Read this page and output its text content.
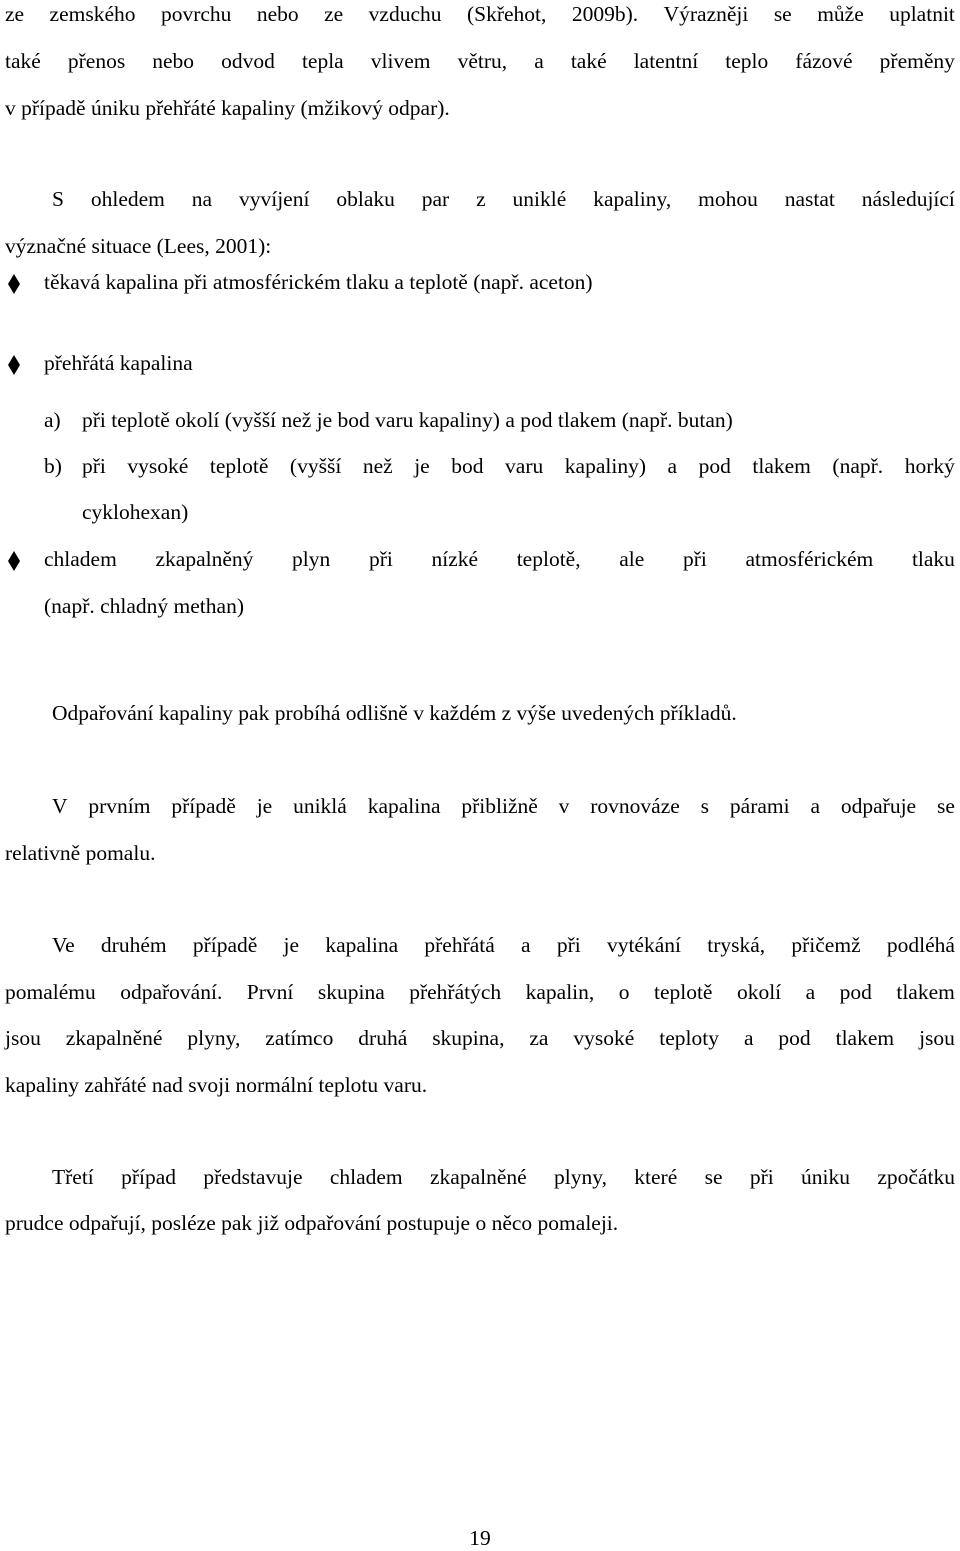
ze zemského povrchu nebo ze vzduchu (Skřehot, 2009b). Výrazněji se může uplatnit
také přenos nebo odvod tepla vlivem větru, a také latentní teplo fázové přeměny
v případě úniku přehřáté kapaliny (mžikový odpar).
S ohledem na vyvíjení oblaku par z uniklé kapaliny, mohou nastat následující
význačné situace (Lees, 2001):
těkavá kapalina při atmosférickém tlaku a teplotě (např. aceton)
přehřátá kapalina
a) při teplotě okolí (vyšší než je bod varu kapaliny) a pod tlakem (např. butan)
b) při vysoké teplotě (vyšší než je bod varu kapaliny) a pod tlakem (např. horký
cyklohexan)
chladem zkapalněný plyn při nízké teplotě, ale při atmosférickém tlaku
(např. chladný methan)
Odpařování kapaliny pak probíhá odlišně v každém z výše uvedených příkladů.
V prvním případě je uniklá kapalina přibližně v rovnováze s párami a odpařuje se
relativně pomalu.
Ve druhém případě je kapalina přehřátá a při vytékání tryská, přičemž podléhá
pomalému odpařování. První skupina přehřátých kapalin, o teplotě okolí a pod tlakem
jsou zkapalněné plyny, zatímco druhá skupina, za vysoké teploty a pod tlakem jsou
kapaliny zahřáté nad svoji normální teplotu varu.
Třetí případ představuje chladem zkapalněné plyny, které se při úniku zpočátku
prudce odpařují, posléze pak již odpařování postupuje o něco pomaleji.
19
